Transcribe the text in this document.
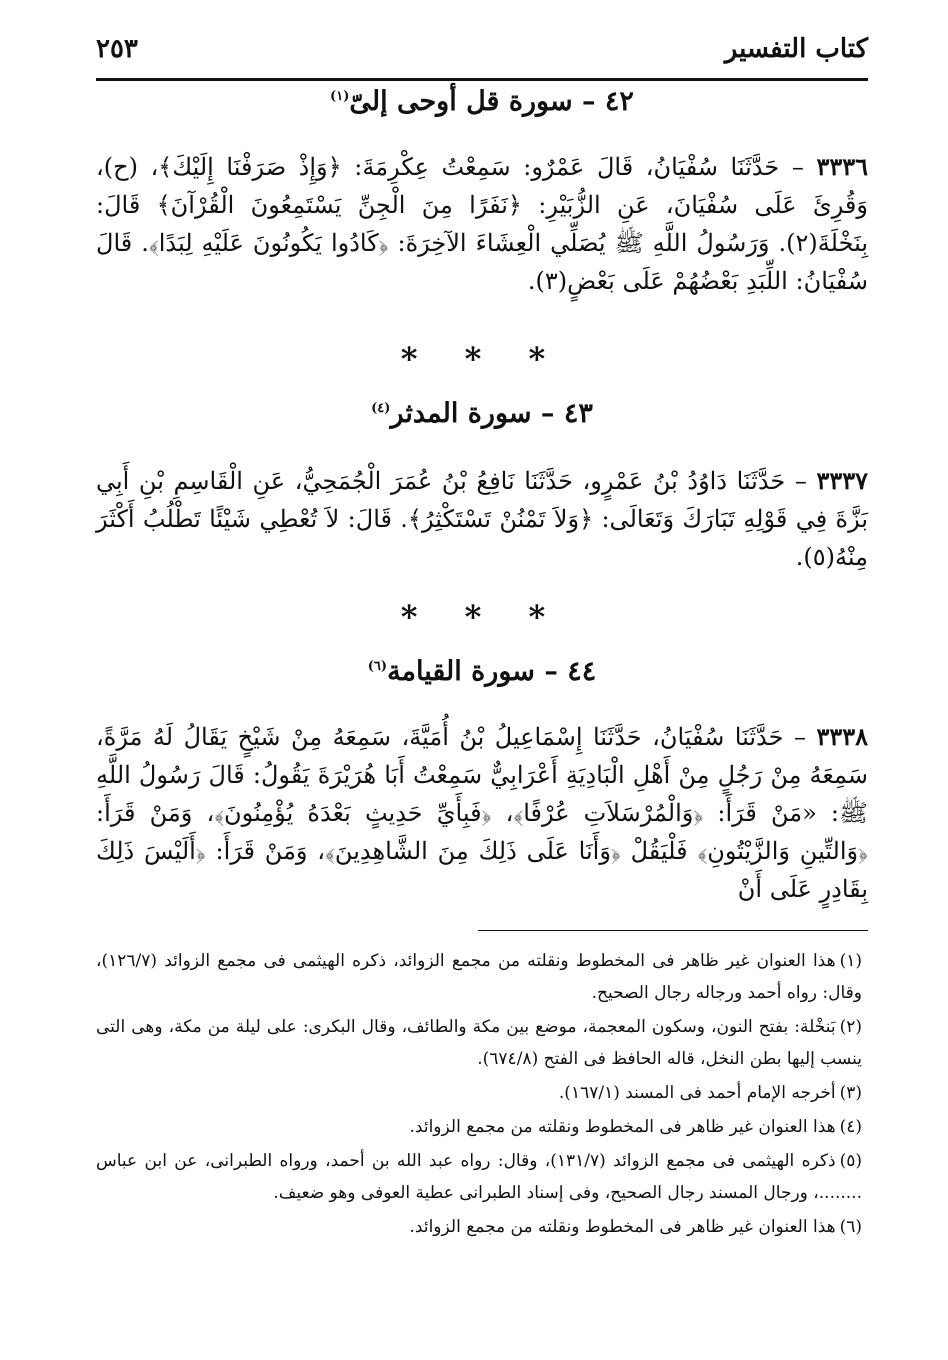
كتاب التفسير
٢٥٣
٤٢ – سورة قل أوحى إلىّ$^{(١)}$
٣٣٣٦ – حَدَّثَنَا سُفْيَانُ، قَالَ عَمْرٌو: سَمِعْتُ عِكْرِمَةَ: ﴿وَإِذْ صَرَفْنَا إِلَيْكَ﴾، (ح)، وَقُرِئَ عَلَى سُفْيَانَ، عَنِ الزُّبَيْرِ: ﴿نَفَرًا مِنَ الْجِنِّ يَسْتَمِعُونَ الْقُرْآنَ﴾ قَالَ: بِنَخْلَةَ(٢). وَرَسُولُ اللَّهِ ﷺ يُصَلِّي الْعِشَاءَ الآخِرَةَ: ﴿كَادُوا يَكُونُونَ عَلَيْهِ لِبَدًا﴾. قَالَ سُفْيَانُ: اللِّبَدِ بَعْضُهُمْ عَلَى بَعْضٍ(٣).
* * *
٤٣ – سورة المدثر$^{(٤)}$
٣٣٣٧ – حَدَّثَنَا دَاوُدُ بْنُ عَمْرٍو، حَدَّثَنَا نَافِعُ بْنُ عُمَرَ الْجُمَحِيُّ، عَنِ الْقَاسِمِ بْنِ أَبِي بَزَّةَ فِي قَوْلِهِ تَبَارَكَ وَتَعَالَى: ﴿وَلاَ تَمْنُنْ تَسْتَكْثِرُ﴾. قَالَ: لاَ تُعْطِي شَيْئًا تَطْلُبُ أَكْثَرَ مِنْهُ(٥).
* * *
٤٤ – سورة القيامة$^{(٦)}$
٣٣٣٨ – حَدَّثَنَا سُفْيَانُ، حَدَّثَنَا إِسْمَاعِيلُ بْنُ أُمَيَّةَ، سَمِعَهُ مِنْ شَيْخٍ يَقَالُ لَهُ مَرَّةً، سَمِعَهُ مِنْ رَجُلٍ مِنْ أَهْلِ الْبَادِيَةِ أَعْرَابِيٌّ سَمِعْتُ أَبَا هُرَيْرَةَ يَقُولُ: قَالَ رَسُولُ اللَّهِ ﷺ: «مَنْ قَرَأَ: ﴿وَالْمُرْسَلاَتِ عُرْفًا﴾، ﴿فَبِأَيِّ حَدِيثٍ بَعْدَهُ يُؤْمِنُونَ﴾، وَمَنْ قَرَأَ: ﴿وَالتِّينِ وَالزَّيْتُونِ﴾ فَلْيَقُلْ ﴿وَأَنَا عَلَى ذَلِكَ مِنَ الشَّاهِدِينَ﴾، وَمَنْ قَرَأَ: ﴿أَلَيْسَ ذَلِكَ بِقَادِرٍ عَلَى أَنْ
(١)هذا العنوان غير ظاهر فى المخطوط ونقلته من مجمع الزوائد، ذكره الهيثمى فى مجمع الزوائد (١٢٦/٧)، وقال: رواه أحمد ورجاله رجال الصحيح.
(٢)بَنخْلة: بفتح النون، وسكون المعجمة، موضع بين مكة والطائف، وقال البكرى: على ليلة من مكة، وهى التى ينسب إليها بطن النخل، قاله الحافظ فى الفتح (٦٧٤/٨).
(٣)أخرجه الإمام أحمد فى المسند (١٦٧/١).
(٤)هذا العنوان غير ظاهر فى المخطوط ونقلته من مجمع الزوائد.
(٥)ذكره الهيثمى فى مجمع الزوائد (١٣١/٧)، وقال: رواه عبد الله بن أحمد، ورواه الطبرانى، عن ابن عباس ........، ورجال المسند رجال الصحيح، وفى إسناد الطبرانى عطية العوفى وهو ضعيف.
(٦)هذا العنوان غير ظاهر فى المخطوط ونقلته من مجمع الزوائد.
